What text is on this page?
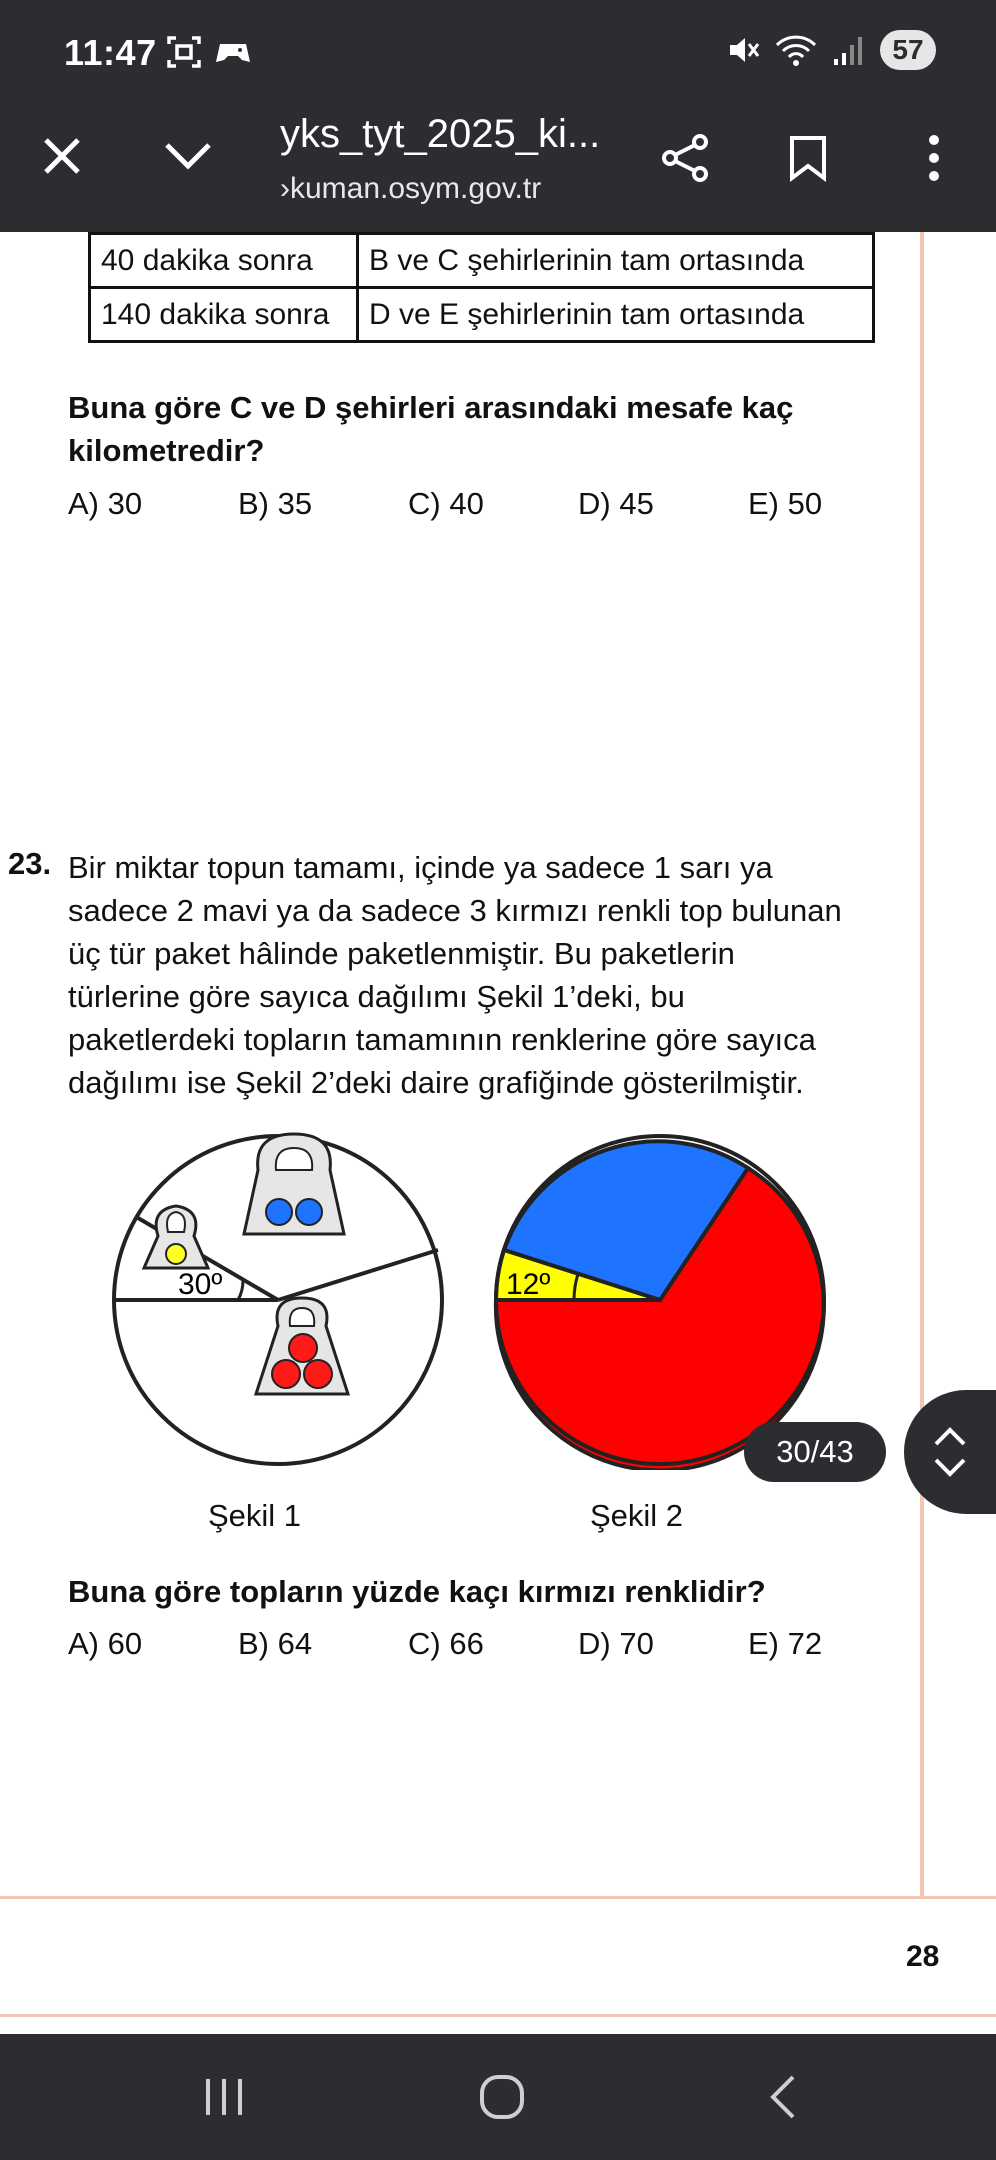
11:47	57
yks_tyt_2025_ki...
›kuman.osym.gov.tr
40 dakika sonra	B ve C şehirlerinin tam ortasında
140 dakika sonra	D ve E şehirlerinin tam ortasında
Buna göre C ve D şehirleri arasındaki mesafe kaç
kilometredir?
A) 30	B) 35	C) 40	D) 45	E) 50
23. Bir miktar topun tamamı, içinde ya sadece 1 sarı ya
sadece 2 mavi ya da sadece 3 kırmızı renkli top bulunan
üç tür paket hâlinde paketlenmiştir. Bu paketlerin
türlerine göre sayıca dağılımı Şekil 1’deki, bu
paketlerdeki topların tamamının renklerine göre sayıca
dağılımı ise Şekil 2’deki daire grafiğinde gösterilmiştir.
30º	12º
Şekil 1	Şekil 2
Buna göre topların yüzde kaçı kırmızı renklidir?
A) 60	B) 64	C) 66	D) 70	E) 72
30/43
28
